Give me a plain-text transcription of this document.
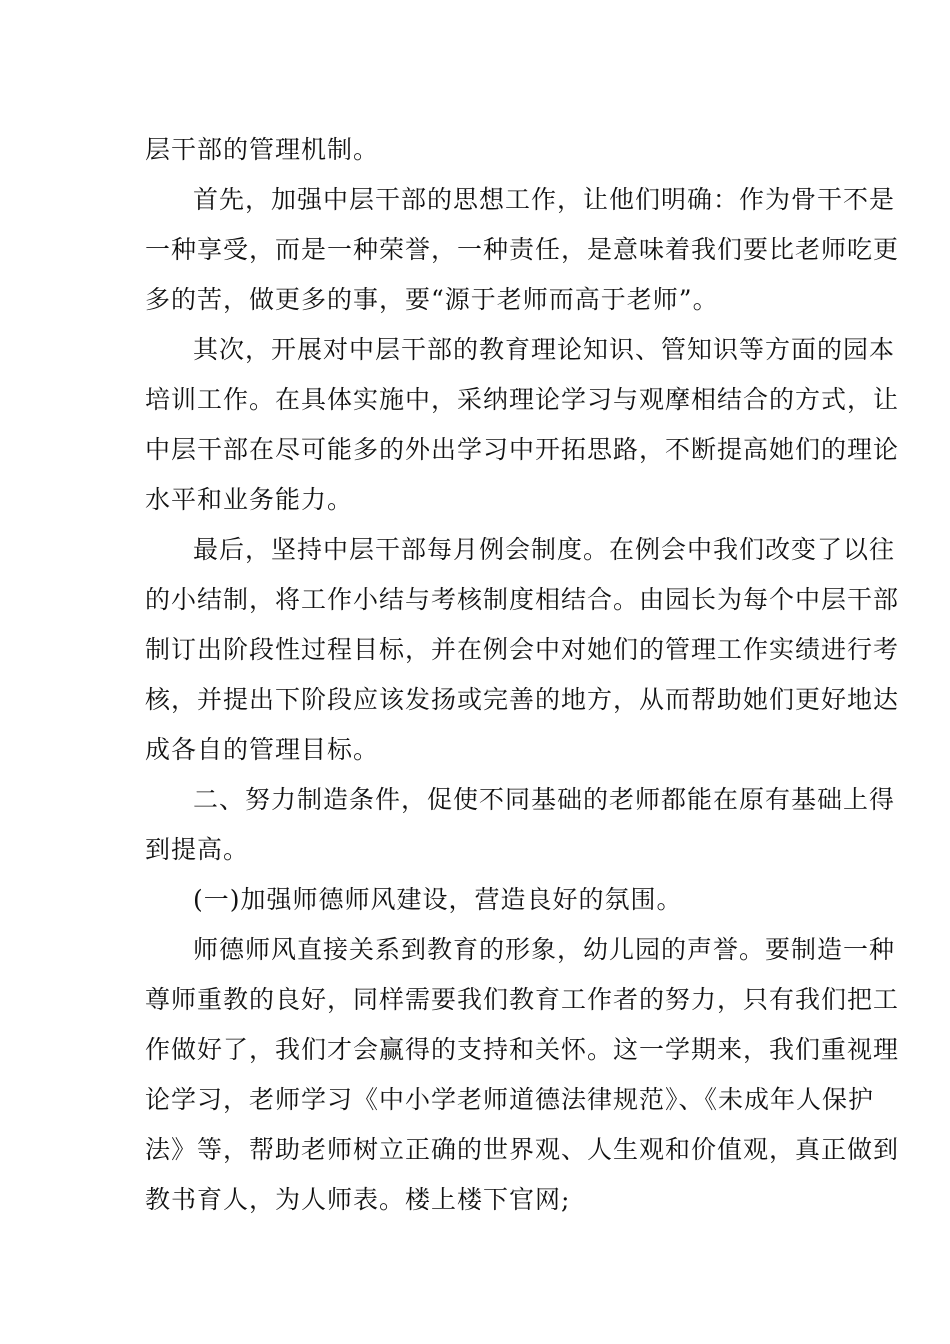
层干部的管理机制。

首先，加强中层干部的思想工作，让他们明确：作为骨干不是

一种享受，而是一种荣誉，一种责任，是意味着我们要比老师吃更

多的苦，做更多的事，要“源于老师而高于老师”。

其次，开展对中层干部的教育理论知识、管知识等方面的园本

培训工作。在具体实施中，采纳理论学习与观摩相结合的方式，让

中层干部在尽可能多的外出学习中开拓思路，不断提高她们的理论

水平和业务能力。

最后，坚持中层干部每月例会制度。在例会中我们改变了以往

的小结制，将工作小结与考核制度相结合。由园长为每个中层干部

制订出阶段性过程目标，并在例会中对她们的管理工作实绩进行考

核，并提出下阶段应该发扬或完善的地方，从而帮助她们更好地达

成各自的管理目标。

二、努力制造条件，促使不同基础的老师都能在原有基础上得

到提高。

(一)加强师德师风建设，营造良好的氛围。

师德师风直接关系到教育的形象，幼儿园的声誉。要制造一种

尊师重教的良好，同样需要我们教育工作者的努力，只有我们把工

作做好了，我们才会赢得的支持和关怀。这一学期来，我们重视理

论学习，老师学习《中小学老师道德法律规范》、《未成年人保护

法》等，帮助老师树立正确的世界观、人生观和价值观，真正做到

教书育人，为人师表。楼上楼下官网;
